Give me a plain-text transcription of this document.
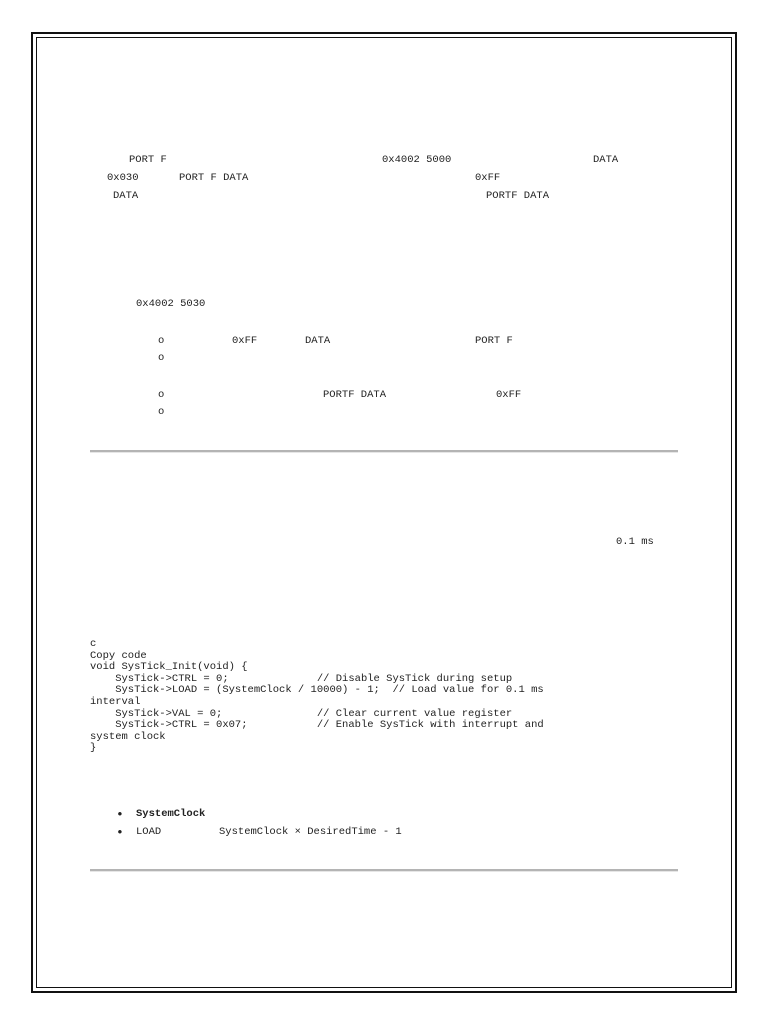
PORT F	0x4002 5000	DATA
0x030	PORT F DATA	0xFF
DATA	PORTF DATA
0x4002 5030
o	0xFF	DATA	PORT F
o
o	PORTF DATA	0xFF
o
0.1 ms
c
Copy code
void SysTick_Init(void) {
SysTick->CTRL = 0;              // Disable SysTick during setup
SysTick->LOAD = (SystemClock / 10000) - 1;  // Load value for 0.1 ms
interval
SysTick->VAL = 0;               // Clear current value register
SysTick->CTRL = 0x07;           // Enable SysTick with interrupt and
system clock
}
• SystemClock
• LOAD	SystemClock × DesiredTime - 1
